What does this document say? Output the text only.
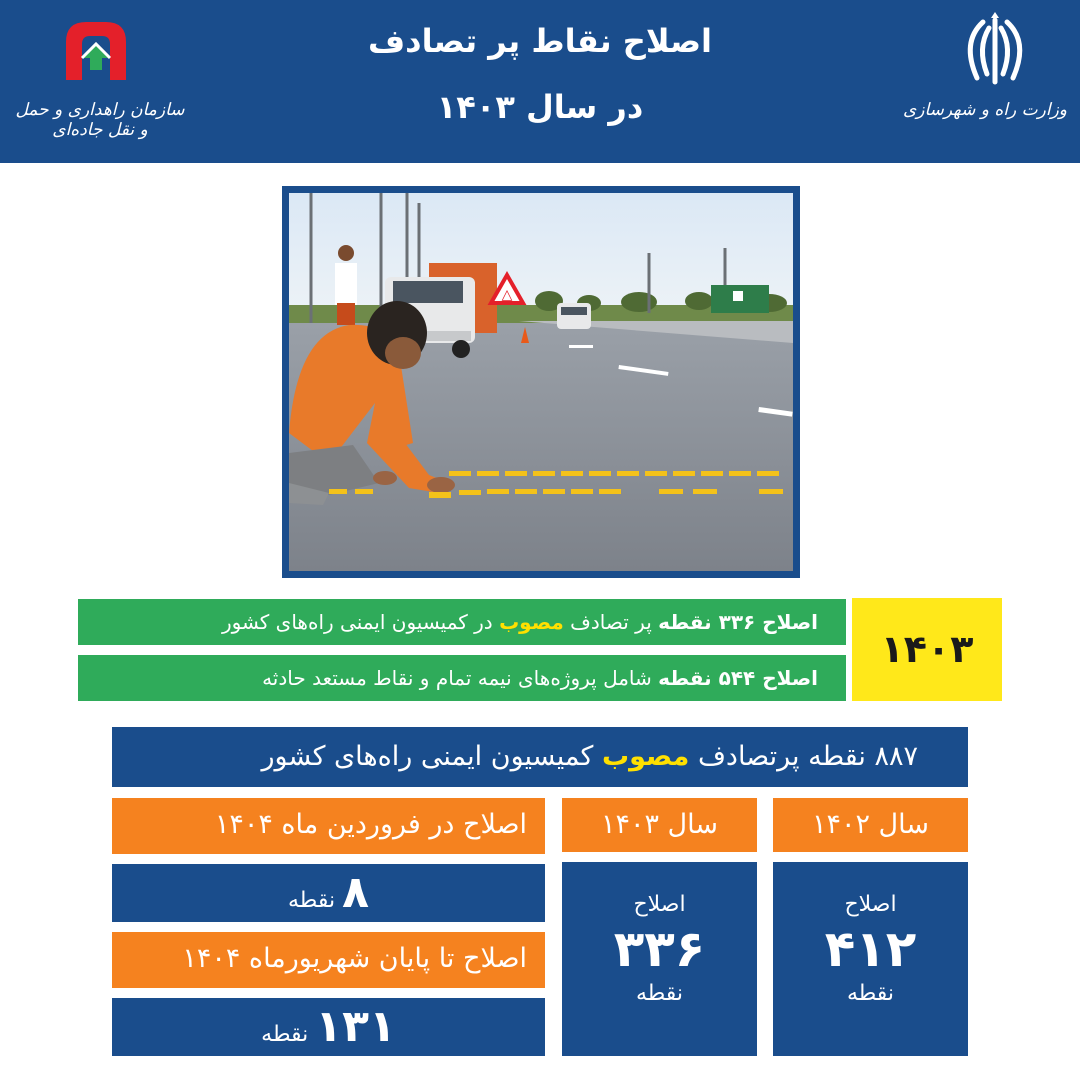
سازمان راهداری و حمل و نقل جاده‌ای
اصلاح نقاط پر تصادف
در سال ۱۴۰۳	وزارت راه و شهرسازی
△
اصلاح ۳۳۶ نقطه پر تصادف مصوب در کمیسیون ایمنی راه‌های کشور
اصلاح ۵۴۴ نقطه شامل پروژه‌های نیمه تمام و نقاط مستعد حادثه
۱۴۰۳
۸۸۷ نقطه پرتصادف مصوب کمیسیون ایمنی راه‌های کشور
سال ۱۴۰۲
اصلاح
۴۱۲
نقطه
سال ۱۴۰۳
اصلاح
۳۳۶
نقطه
اصلاح در فروردین ماه ۱۴۰۴
۸ نقطه
اصلاح تا پایان شهریورماه ۱۴۰۴
۱۳۱ نقطه
